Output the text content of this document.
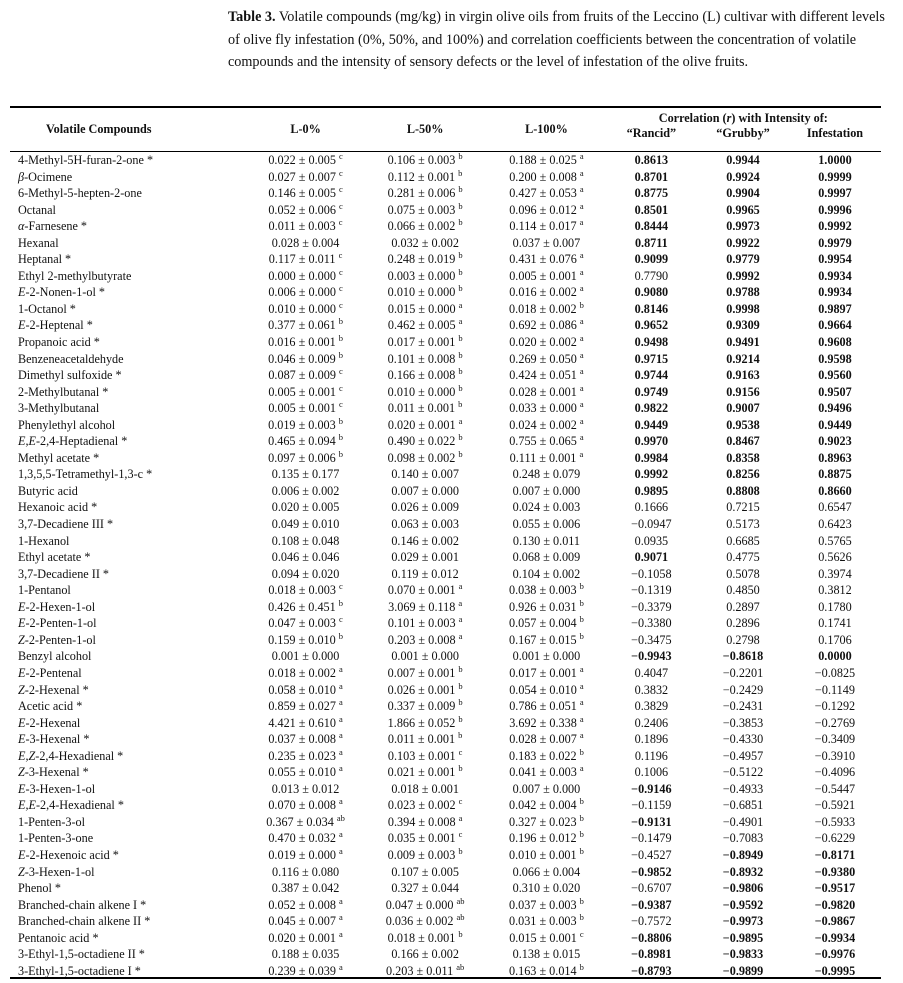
Table 3. Volatile compounds (mg/kg) in virgin olive oils from fruits of the Leccino (L) cultivar with different levels of olive fly infestation (0%, 50%, and 100%) and correlation coefficients between the concentration of volatile compounds and the intensity of sensory defects or the level of infestation of the olive fruits.
Volatile Compounds	L-0%	L-50%	L-100%	Correlation (r) with Intensity of:		
				“Rancid”	“Grubby”	Infestation
4-Methyl-5H-furan-2-one *	0.022 ± 0.005 $^c$	0.106 ± 0.003 $^b$	0.188 ± 0.025 $^a$	0.8613	0.9944	1.0000
β-Ocimene	0.027 ± 0.007 $^c$	0.112 ± 0.001 $^b$	0.200 ± 0.008 $^a$	0.8701	0.9924	0.9999
6-Methyl-5-hepten-2-one	0.146 ± 0.005 $^c$	0.281 ± 0.006 $^b$	0.427 ± 0.053 $^a$	0.8775	0.9904	0.9997
Octanal	0.052 ± 0.006 $^c$	0.075 ± 0.003 $^b$	0.096 ± 0.012 $^a$	0.8501	0.9965	0.9996
α-Farnesene *	0.011 ± 0.003 $^c$	0.066 ± 0.002 $^b$	0.114 ± 0.017 $^a$	0.8444	0.9973	0.9992
Hexanal	0.028 ± 0.004	0.032 ± 0.002	0.037 ± 0.007	0.8711	0.9922	0.9979
Heptanal *	0.117 ± 0.011 $^c$	0.248 ± 0.019 $^b$	0.431 ± 0.076 $^a$	0.9099	0.9779	0.9954
Ethyl 2-methylbutyrate	0.000 ± 0.000 $^c$	0.003 ± 0.000 $^b$	0.005 ± 0.001 $^a$	0.7790	0.9992	0.9934
E-2-Nonen-1-ol *	0.006 ± 0.000 $^c$	0.010 ± 0.000 $^b$	0.016 ± 0.002 $^a$	0.9080	0.9788	0.9934
1-Octanol *	0.010 ± 0.000 $^c$	0.015 ± 0.000 $^a$	0.018 ± 0.002 $^b$	0.8146	0.9998	0.9897
E-2-Heptenal *	0.377 ± 0.061 $^b$	0.462 ± 0.005 $^a$	0.692 ± 0.086 $^a$	0.9652	0.9309	0.9664
Propanoic acid *	0.016 ± 0.001 $^b$	0.017 ± 0.001 $^b$	0.020 ± 0.002 $^a$	0.9498	0.9491	0.9608
Benzeneacetaldehyde	0.046 ± 0.009 $^b$	0.101 ± 0.008 $^b$	0.269 ± 0.050 $^a$	0.9715	0.9214	0.9598
Dimethyl sulfoxide *	0.087 ± 0.009 $^c$	0.166 ± 0.008 $^b$	0.424 ± 0.051 $^a$	0.9744	0.9163	0.9560
2-Methylbutanal *	0.005 ± 0.001 $^c$	0.010 ± 0.000 $^b$	0.028 ± 0.001 $^a$	0.9749	0.9156	0.9507
3-Methylbutanal	0.005 ± 0.001 $^c$	0.011 ± 0.001 $^b$	0.033 ± 0.000 $^a$	0.9822	0.9007	0.9496
Phenylethyl alcohol	0.019 ± 0.003 $^b$	0.020 ± 0.001 $^a$	0.024 ± 0.002 $^a$	0.9449	0.9538	0.9449
E,E-2,4-Heptadienal *	0.465 ± 0.094 $^b$	0.490 ± 0.022 $^b$	0.755 ± 0.065 $^a$	0.9970	0.8467	0.9023
Methyl acetate *	0.097 ± 0.006 $^b$	0.098 ± 0.002 $^b$	0.111 ± 0.001 $^a$	0.9984	0.8358	0.8963
1,3,5,5-Tetramethyl-1,3-c *	0.135 ± 0.177	0.140 ± 0.007	0.248 ± 0.079	0.9992	0.8256	0.8875
Butyric acid	0.006 ± 0.002	0.007 ± 0.000	0.007 ± 0.000	0.9895	0.8808	0.8660
Hexanoic acid *	0.020 ± 0.005	0.026 ± 0.009	0.024 ± 0.003	0.1666	0.7215	0.6547
3,7-Decadiene III *	0.049 ± 0.010	0.063 ± 0.003	0.055 ± 0.006	−0.0947	0.5173	0.6423
1-Hexanol	0.108 ± 0.048	0.146 ± 0.002	0.130 ± 0.011	0.0935	0.6685	0.5765
Ethyl acetate *	0.046 ± 0.046	0.029 ± 0.001	0.068 ± 0.009	0.9071	0.4775	0.5626
3,7-Decadiene II *	0.094 ± 0.020	0.119 ± 0.012	0.104 ± 0.002	−0.1058	0.5078	0.3974
1-Pentanol	0.018 ± 0.003 $^c$	0.070 ± 0.001 $^a$	0.038 ± 0.003 $^b$	−0.1319	0.4850	0.3812
E-2-Hexen-1-ol	0.426 ± 0.451 $^b$	3.069 ± 0.118 $^a$	0.926 ± 0.031 $^b$	−0.3379	0.2897	0.1780
E-2-Penten-1-ol	0.047 ± 0.003 $^c$	0.101 ± 0.003 $^a$	0.057 ± 0.004 $^b$	−0.3380	0.2896	0.1741
Z-2-Penten-1-ol	0.159 ± 0.010 $^b$	0.203 ± 0.008 $^a$	0.167 ± 0.015 $^b$	−0.3475	0.2798	0.1706
Benzyl alcohol	0.001 ± 0.000	0.001 ± 0.000	0.001 ± 0.000	−0.9943	−0.8618	0.0000
E-2-Pentenal	0.018 ± 0.002 $^a$	0.007 ± 0.001 $^b$	0.017 ± 0.001 $^a$	0.4047	−0.2201	−0.0825
Z-2-Hexenal *	0.058 ± 0.010 $^a$	0.026 ± 0.001 $^b$	0.054 ± 0.010 $^a$	0.3832	−0.2429	−0.1149
Acetic acid *	0.859 ± 0.027 $^a$	0.337 ± 0.009 $^b$	0.786 ± 0.051 $^a$	0.3829	−0.2431	−0.1292
E-2-Hexenal	4.421 ± 0.610 $^a$	1.866 ± 0.052 $^b$	3.692 ± 0.338 $^a$	0.2406	−0.3853	−0.2769
E-3-Hexenal *	0.037 ± 0.008 $^a$	0.011 ± 0.001 $^b$	0.028 ± 0.007 $^a$	0.1896	−0.4330	−0.3409
E,Z-2,4-Hexadienal *	0.235 ± 0.023 $^a$	0.103 ± 0.001 $^c$	0.183 ± 0.022 $^b$	0.1196	−0.4957	−0.3910
Z-3-Hexenal *	0.055 ± 0.010 $^a$	0.021 ± 0.001 $^b$	0.041 ± 0.003 $^a$	0.1006	−0.5122	−0.4096
E-3-Hexen-1-ol	0.013 ± 0.012	0.018 ± 0.001	0.007 ± 0.000	−0.9146	−0.4933	−0.5447
E,E-2,4-Hexadienal *	0.070 ± 0.008 $^a$	0.023 ± 0.002 $^c$	0.042 ± 0.004 $^b$	−0.1159	−0.6851	−0.5921
1-Penten-3-ol	0.367 ± 0.034 $^{ab}$	0.394 ± 0.008 $^a$	0.327 ± 0.023 $^b$	−0.9131	−0.4901	−0.5933
1-Penten-3-one	0.470 ± 0.032 $^a$	0.035 ± 0.001 $^c$	0.196 ± 0.012 $^b$	−0.1479	−0.7083	−0.6229
E-2-Hexenoic acid *	0.019 ± 0.000 $^a$	0.009 ± 0.003 $^b$	0.010 ± 0.001 $^b$	−0.4527	−0.8949	−0.8171
Z-3-Hexen-1-ol	0.116 ± 0.080	0.107 ± 0.005	0.066 ± 0.004	−0.9852	−0.8932	−0.9380
Phenol *	0.387 ± 0.042	0.327 ± 0.044	0.310 ± 0.020	−0.6707	−0.9806	−0.9517
Branched-chain alkene I *	0.052 ± 0.008 $^a$	0.047 ± 0.000 $^{ab}$	0.037 ± 0.003 $^b$	−0.9387	−0.9592	−0.9820
Branched-chain alkene II *	0.045 ± 0.007 $^a$	0.036 ± 0.002 $^{ab}$	0.031 ± 0.003 $^b$	−0.7572	−0.9973	−0.9867
Pentanoic acid *	0.020 ± 0.001 $^a$	0.018 ± 0.001 $^b$	0.015 ± 0.001 $^c$	−0.8806	−0.9895	−0.9934
3-Ethyl-1,5-octadiene II *	0.188 ± 0.035	0.166 ± 0.002	0.138 ± 0.015	−0.8981	−0.9833	−0.9976
3-Ethyl-1,5-octadiene I *	0.239 ± 0.039 $^a$	0.203 ± 0.011 $^{ab}$	0.163 ± 0.014 $^b$	−0.8793	−0.9899	−0.9995
